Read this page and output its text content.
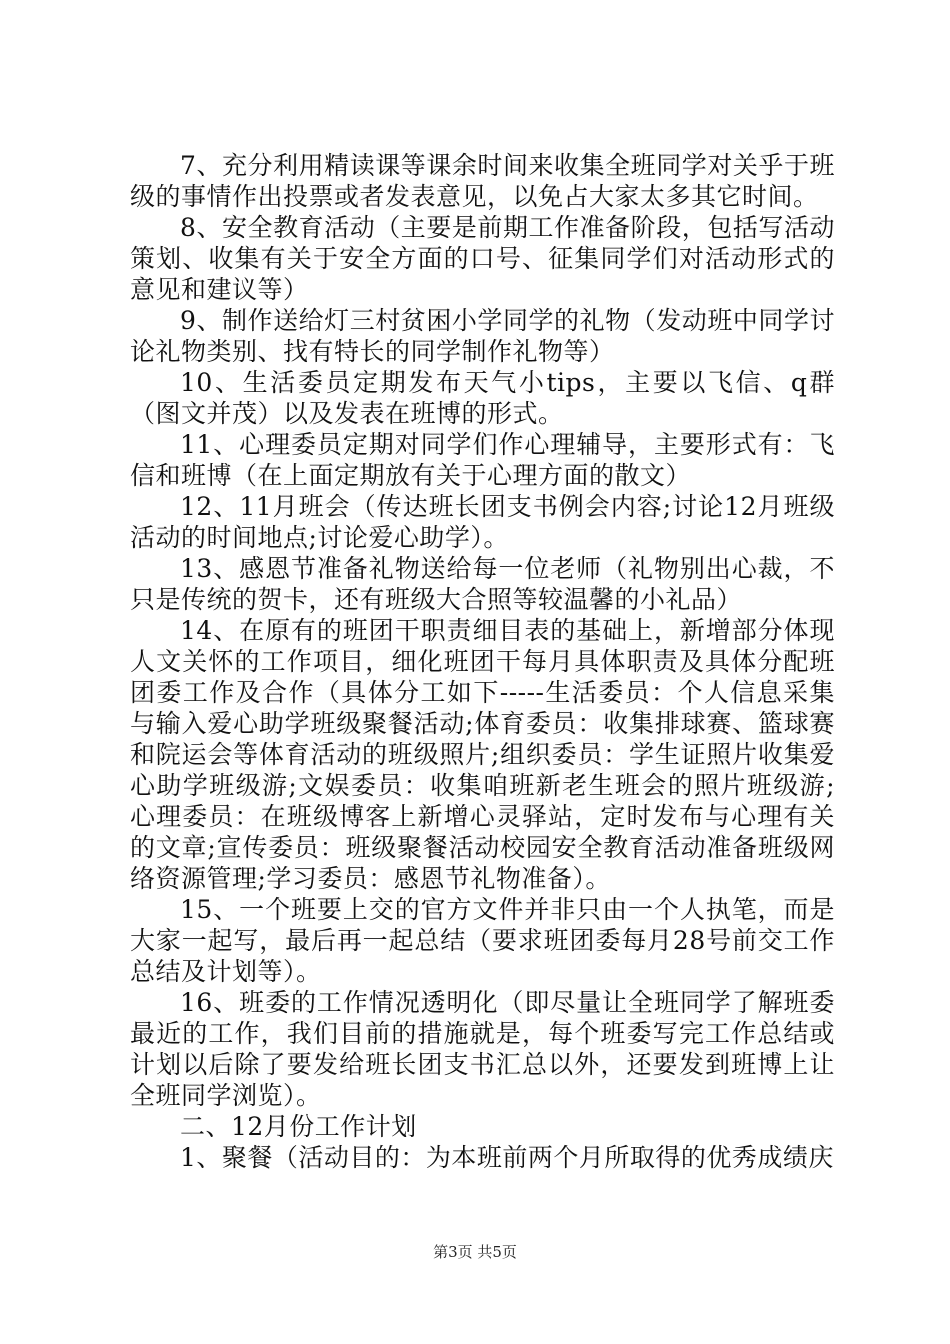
7、充分利用精读课等课余时间来收集全班同学对关乎于班级的事情作出投票或者发表意见，以免占大家太多其它时间。

8、安全教育活动（主要是前期工作准备阶段，包括写活动策划、收集有关于安全方面的口号、征集同学们对活动形式的意见和建议等）

9、制作送给灯三村贫困小学同学的礼物（发动班中同学讨论礼物类别、找有特长的同学制作礼物等）

10、生活委员定期发布天气小tips，主要以飞信、q群（图文并茂）以及发表在班博的形式。

11、心理委员定期对同学们作心理辅导，主要形式有：飞信和班博（在上面定期放有关于心理方面的散文）

12、11月班会（传达班长团支书例会内容;讨论12月班级活动的时间地点;讨论爱心助学）。

13、感恩节准备礼物送给每一位老师（礼物别出心裁，不只是传统的贺卡，还有班级大合照等较温馨的小礼品）

14、在原有的班团干职责细目表的基础上，新增部分体现人文关怀的工作项目，细化班团干每月具体职责及具体分配班团委工作及合作（具体分工如下-----生活委员：个人信息采集与输入爱心助学班级聚餐活动;体育委员：收集排球赛、篮球赛和院运会等体育活动的班级照片;组织委员：学生证照片收集爱心助学班级游;文娱委员：收集咱班新老生班会的照片班级游;心理委员：在班级博客上新增心灵驿站，定时发布与心理有关的文章;宣传委员：班级聚餐活动校园安全教育活动准备班级网络资源管理;学习委员：感恩节礼物准备）。

15、一个班要上交的官方文件并非只由一个人执笔，而是大家一起写，最后再一起总结（要求班团委每月28号前交工作总结及计划等）。

16、班委的工作情况透明化（即尽量让全班同学了解班委最近的工作，我们目前的措施就是，每个班委写完工作总结或计划以后除了要发给班长团支书汇总以外，还要发到班博上让全班同学浏览）。

二、12月份工作计划

1、聚餐（活动目的：为本班前两个月所取得的优秀成绩庆

第3页 共5页
